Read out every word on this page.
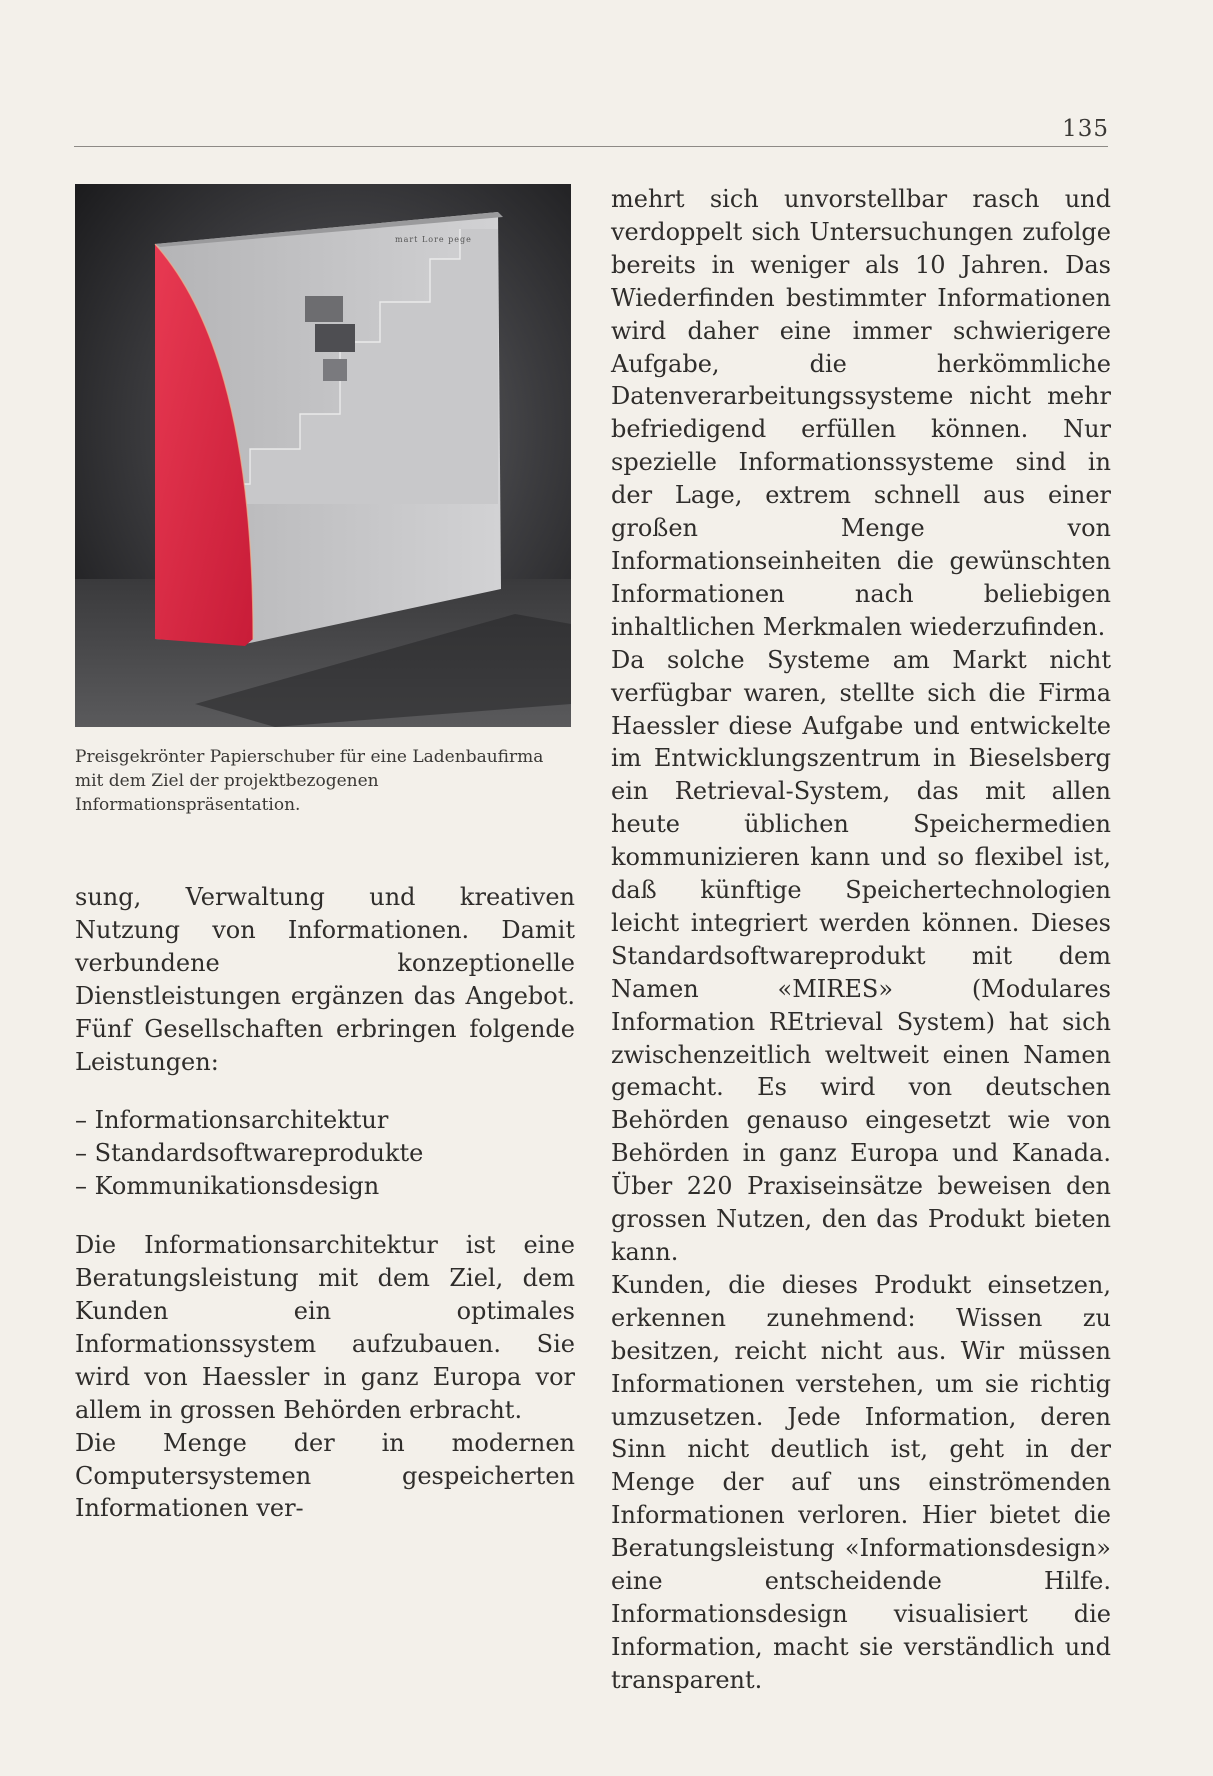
135
mart Lore pege
Preisgekrönter Papierschuber für eine Ladenbaufirma mit dem Ziel der projektbezogenen Informationspräsentation.

sung, Verwaltung und kreativen Nutzung von Informationen. Damit verbundene konzeptionelle Dienstleistungen ergänzen das Angebot. Fünf Gesellschaften erbringen folgende Leistungen:

– Informationsarchitektur
– Standardsoftwareprodukte
– Kommunikationsdesign

Die Informationsarchitektur ist eine Beratungsleistung mit dem Ziel, dem Kunden ein optimales Informationssystem aufzubauen. Sie wird von Haessler in ganz Europa vor allem in grossen Behörden erbracht.

Die Menge der in modernen Computersystemen gespeicherten Informationen ver-

mehrt sich unvorstellbar rasch und verdoppelt sich Untersuchungen zufolge bereits in weniger als 10 Jahren. Das Wiederfinden bestimmter Informationen wird daher eine immer schwierigere Aufgabe, die herkömmliche Datenverarbeitungssysteme nicht mehr befriedigend erfüllen können. Nur spezielle Informationssysteme sind in der Lage, extrem schnell aus einer großen Menge von Informationseinheiten die gewünschten Informationen nach beliebigen inhaltlichen Merkmalen wiederzufinden.

Da solche Systeme am Markt nicht verfügbar waren, stellte sich die Firma Haessler diese Aufgabe und entwickelte im Entwicklungszentrum in Bieselsberg ein Retrieval-System, das mit allen heute üblichen Speichermedien kommunizieren kann und so flexibel ist, daß künftige Speichertechnologien leicht integriert werden können. Dieses Standardsoftwareprodukt mit dem Namen «MIRES» (Modulares Information REtrieval System) hat sich zwischenzeitlich weltweit einen Namen gemacht. Es wird von deutschen Behörden genauso eingesetzt wie von Behörden in ganz Europa und Kanada. Über 220 Praxiseinsätze beweisen den grossen Nutzen, den das Produkt bieten kann.

Kunden, die dieses Produkt einsetzen, erkennen zunehmend: Wissen zu besitzen, reicht nicht aus. Wir müssen Informationen verstehen, um sie richtig umzusetzen. Jede Information, deren Sinn nicht deutlich ist, geht in der Menge der auf uns einströmenden Informationen verloren. Hier bietet die Beratungsleistung «Informationsdesign» eine entscheidende Hilfe. Informationsdesign visualisiert die Information, macht sie verständlich und transparent.
